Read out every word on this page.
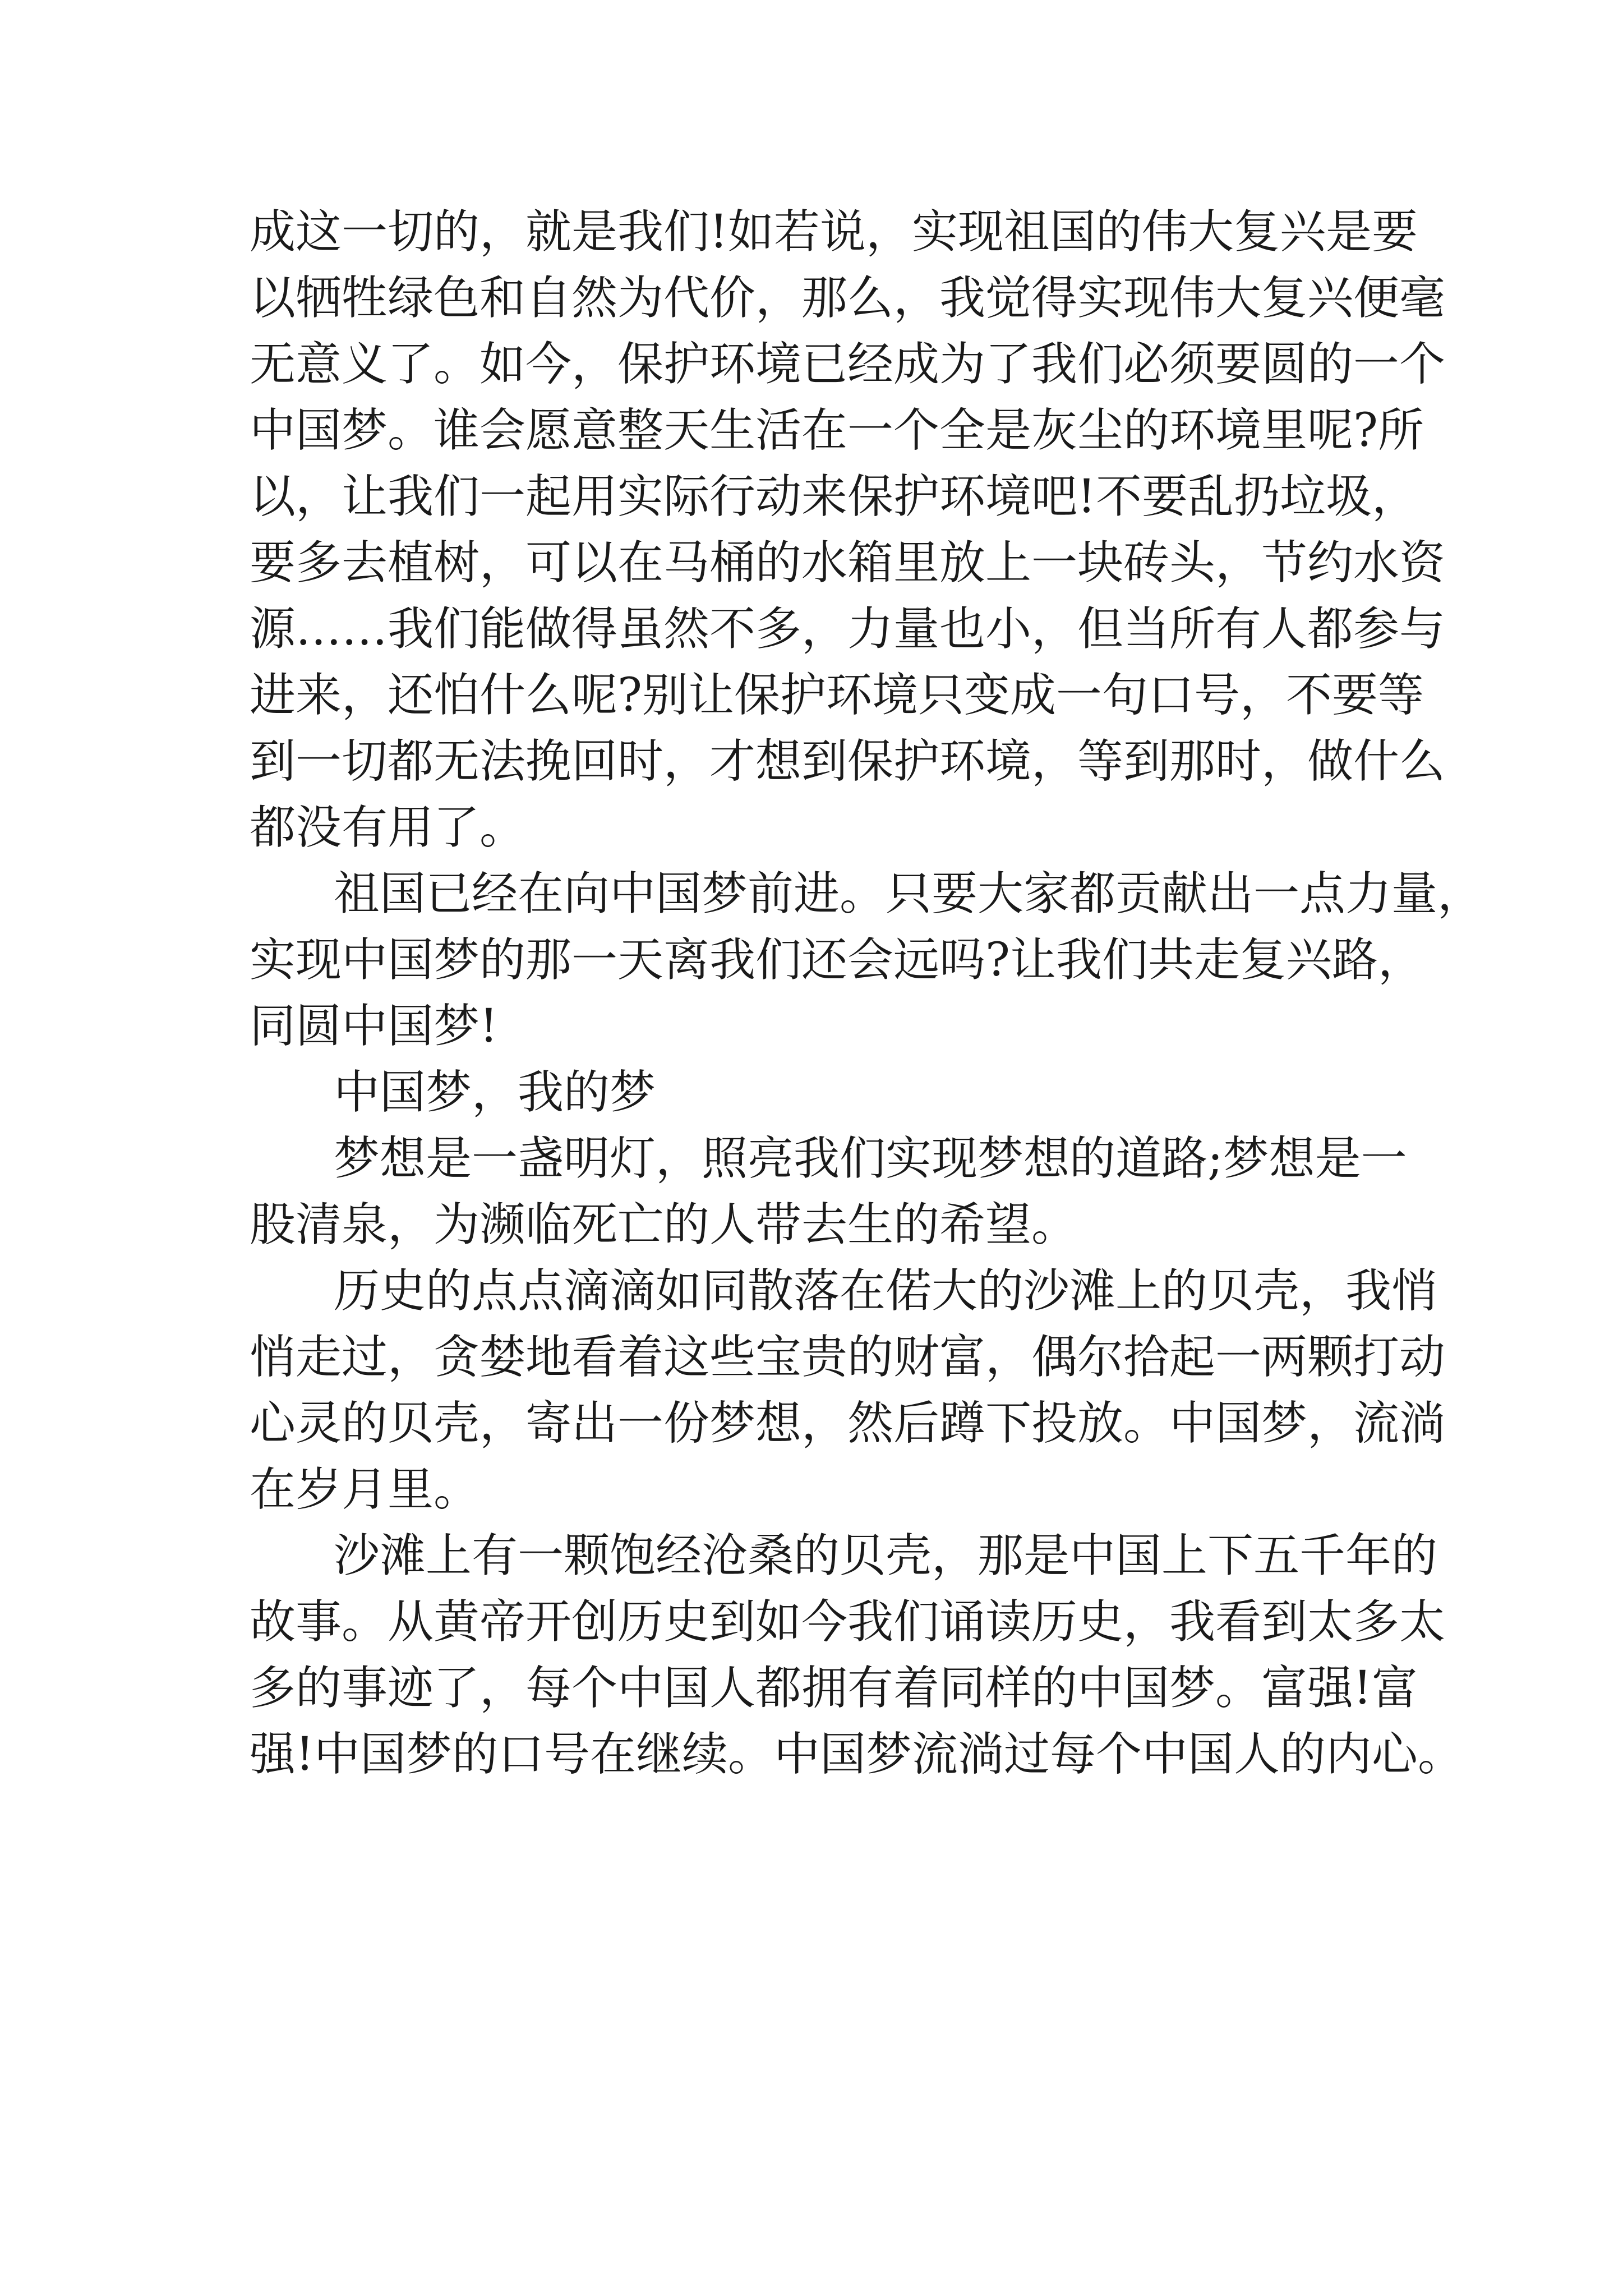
成这一切的，就是我们!如若说，实现祖国的伟大复兴是要
以牺牲绿色和自然为代价，那么，我觉得实现伟大复兴便毫
无意义了。如今，保护环境已经成为了我们必须要圆的一个
中国梦。谁会愿意整天生活在一个全是灰尘的环境里呢?所
以，让我们一起用实际行动来保护环境吧!不要乱扔垃圾，
要多去植树，可以在马桶的水箱里放上一块砖头，节约水资
源……我们能做得虽然不多，力量也小，但当所有人都参与
进来，还怕什么呢?别让保护环境只变成一句口号，不要等
到一切都无法挽回时，才想到保护环境，等到那时，做什么
都没有用了。
祖国已经在向中国梦前进。只要大家都贡献出一点力量，
实现中国梦的那一天离我们还会远吗?让我们共走复兴路，
同圆中国梦!
中国梦，我的梦
梦想是一盏明灯，照亮我们实现梦想的道路;梦想是一
股清泉，为濒临死亡的人带去生的希望。
历史的点点滴滴如同散落在偌大的沙滩上的贝壳，我悄
悄走过，贪婪地看着这些宝贵的财富，偶尔拾起一两颗打动
心灵的贝壳，寄出一份梦想，然后蹲下投放。中国梦，流淌
在岁月里。
沙滩上有一颗饱经沧桑的贝壳，那是中国上下五千年的
故事。从黄帝开创历史到如今我们诵读历史，我看到太多太
多的事迹了，每个中国人都拥有着同样的中国梦。富强!富
强!中国梦的口号在继续。中国梦流淌过每个中国人的内心。
